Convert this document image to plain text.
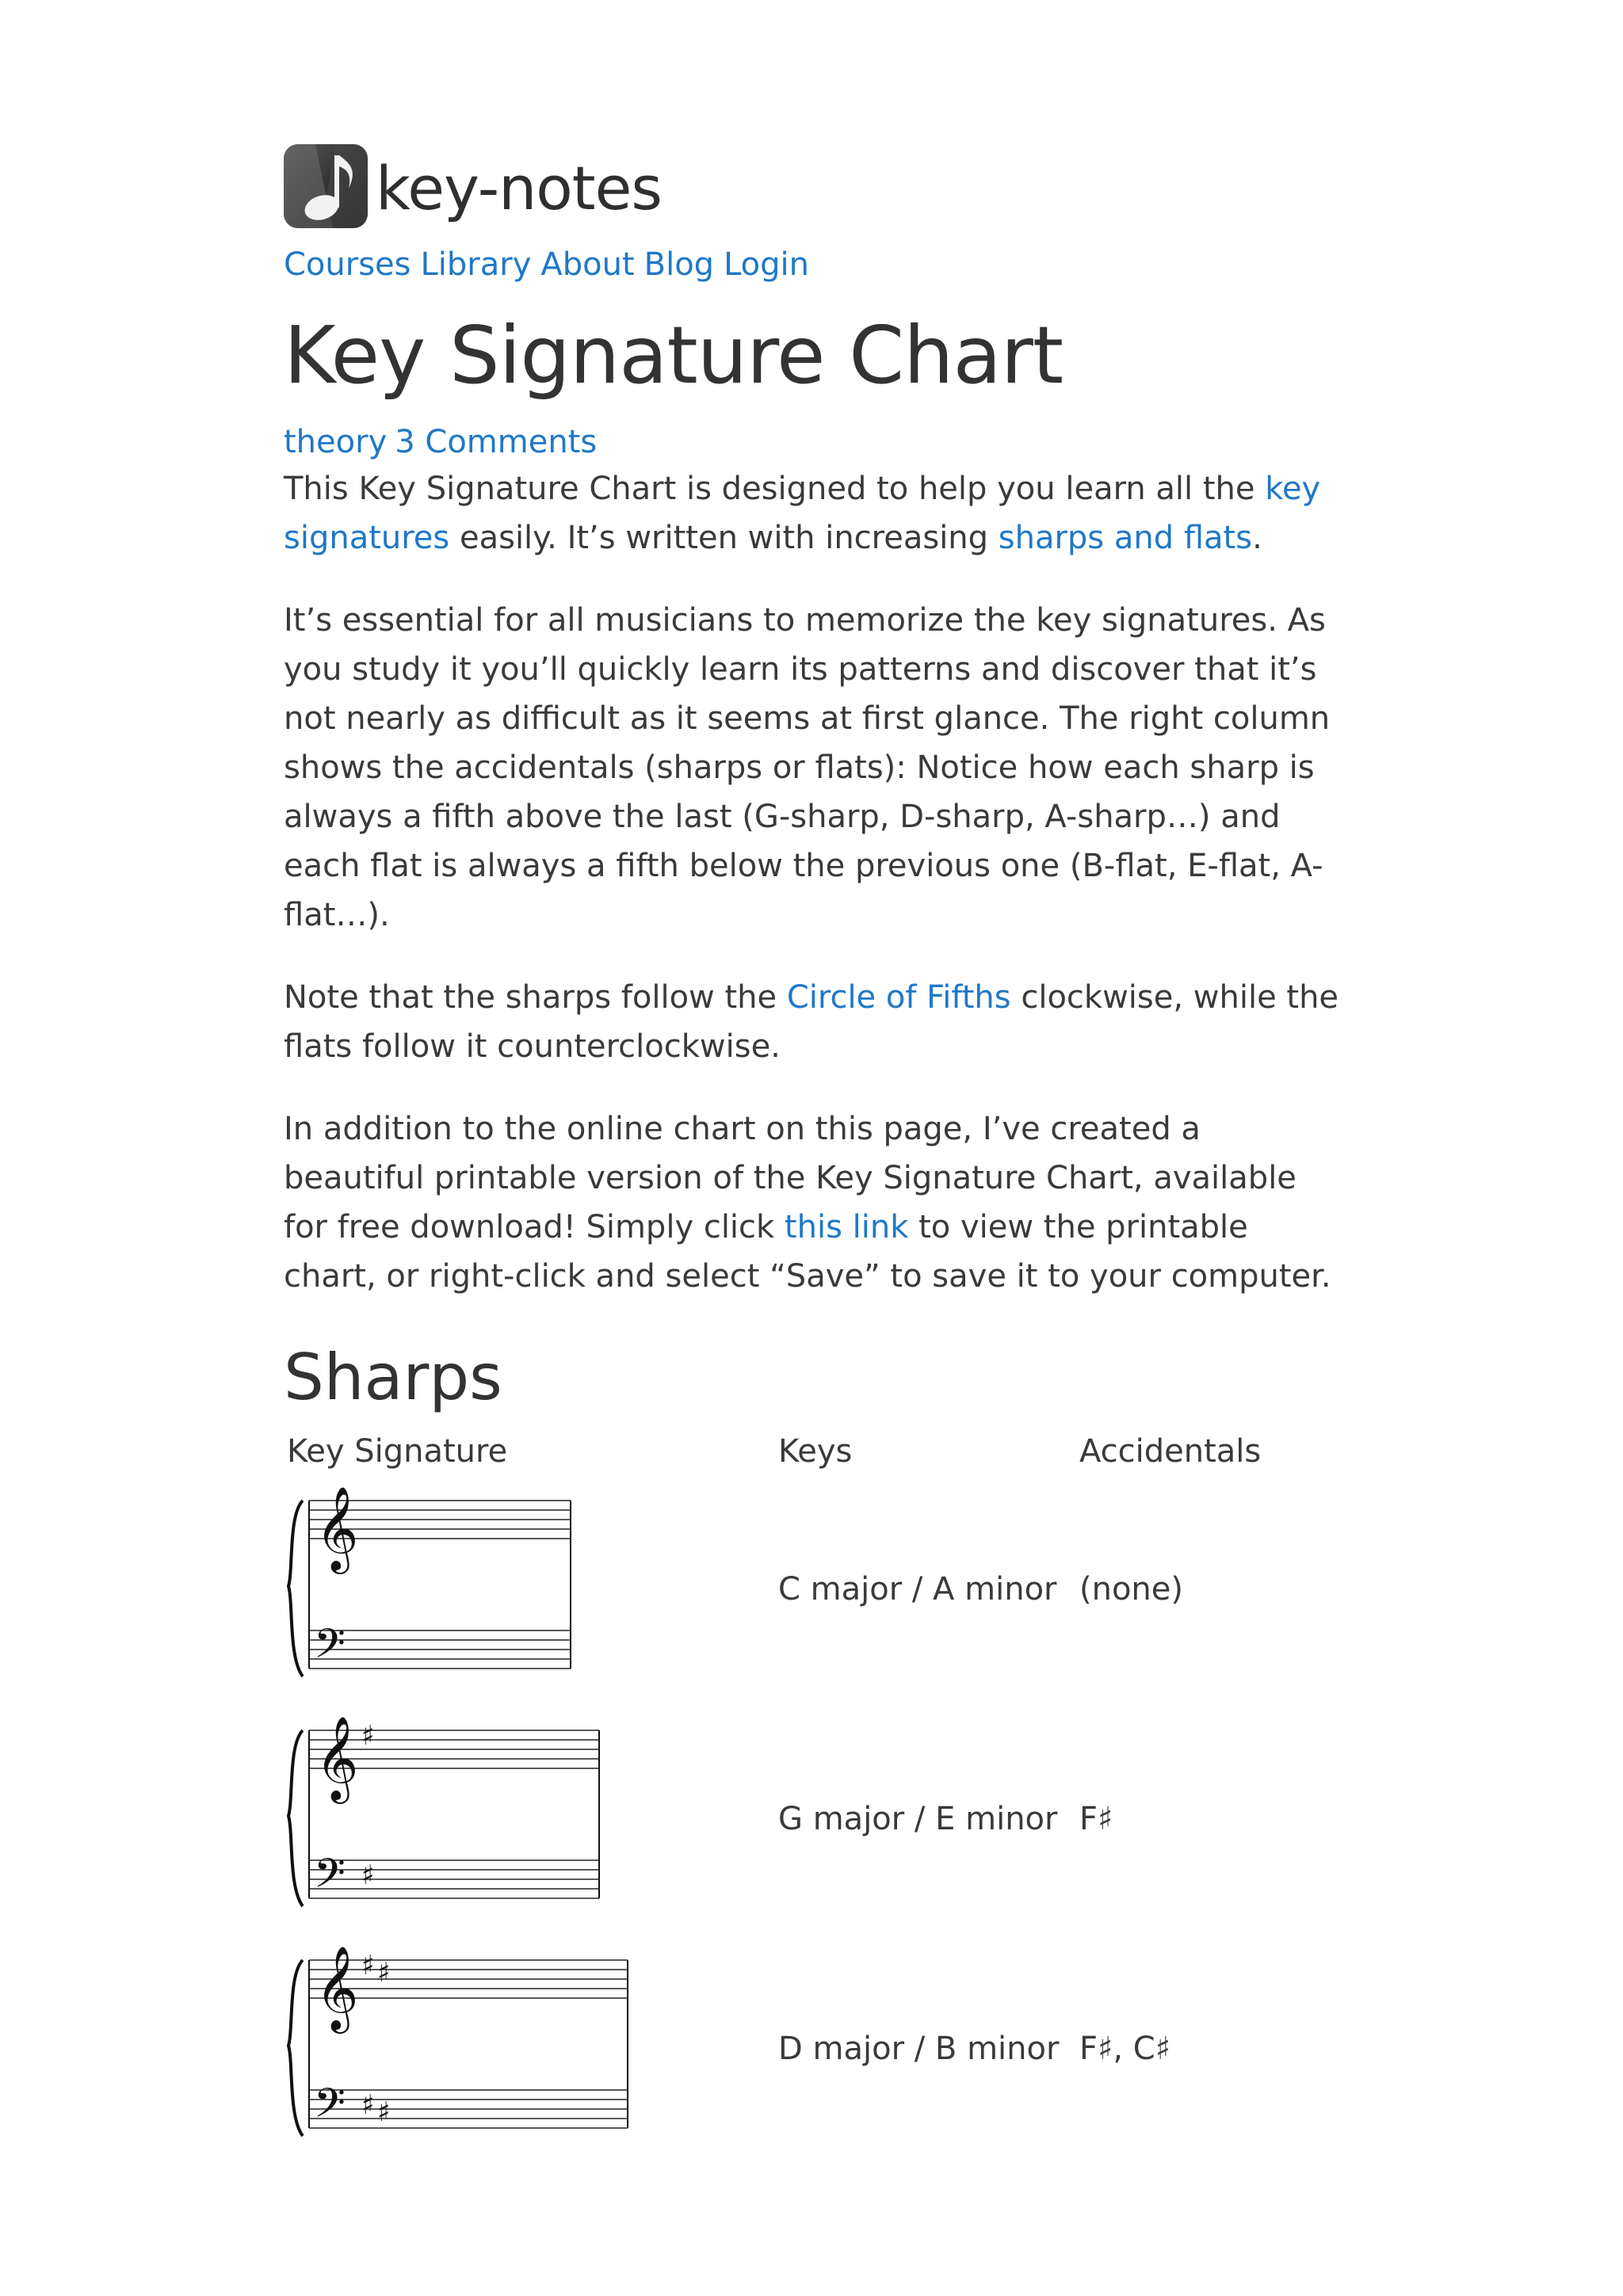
key-notes
Courses Library About Blog Login
Key Signature Chart
theory 3 Comments

This Key Signature Chart is designed to help you learn all the key signatures easily. It’s written with increasing sharps and flats.

It’s essential for all musicians to memorize the key signatures. As you study it you’ll quickly learn its patterns and discover that it’s not nearly as difficult as it seems at first glance. The right column shows the accidentals (sharps or flats): Notice how each sharp is always a fifth above the last (G-sharp, D-sharp, A-sharp…) and each flat is always a fifth below the previous one (B-flat, E-flat, A-flat…).

Note that the sharps follow the Circle of Fifths clockwise, while the flats follow it counterclockwise.

In addition to the online chart on this page, I’ve created a beautiful printable version of the Key Signature Chart, available for free download! Simply click this link to view the printable chart, or right-click and select “Save” to save it to your computer.

Sharps
Key Signature	Keys	Accidentals
𝄞
𝄢
C major / A minor (none)
𝄞
𝄢
♯
♯
G major / E minor F♯
𝄞
𝄢
♯
♯
♯
♯
D major / B minor F♯, C♯
